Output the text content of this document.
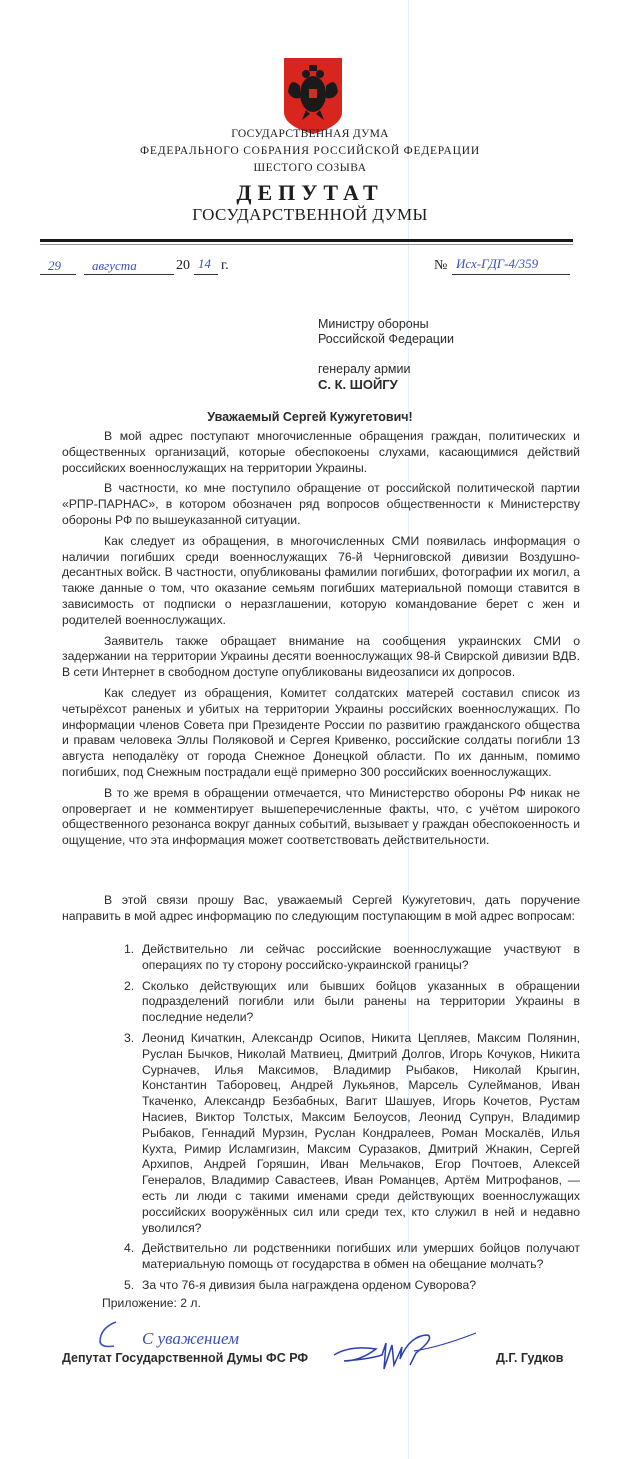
ГОСУДАРСТВЕННАЯ ДУМА
ФЕДЕРАЛЬНОГО СОБРАНИЯ РОССИЙСКОЙ ФЕДЕРАЦИИ
ШЕСТОГО СОЗЫВА
ДЕПУТАТ
ГОСУДАРСТВЕННОЙ ДУМЫ
29 августа	20 14 г.	№ Исх-ГДГ-4/359
Министру обороны
Российской Федерации
генералу армии
С. К. ШОЙГУ
Уважаемый Сергей Кужугетович!

В мой адрес поступают многочисленные обращения граждан, политических и общественных организаций, которые обеспокоены слухами, касающимися действий российских военнослужащих на территории Украины.

В частности, ко мне поступило обращение от российской политической партии «РПР-ПАРНАС», в котором обозначен ряд вопросов общественности к Министерству обороны РФ по вышеуказанной ситуации.

Как следует из обращения, в многочисленных СМИ появилась информация о наличии погибших среди военнослужащих 76-й Черниговской дивизии Воздушно-десантных войск. В частности, опубликованы фамилии погибших, фотографии их могил, а также данные о том, что оказание семьям погибших материальной помощи ставится в зависимость от подписки о неразглашении, которую командование берет с жен и родителей военнослужащих.

Заявитель также обращает внимание на сообщения украинских СМИ о задержании на территории Украины десяти военнослужащих 98-й Свирской дивизии ВДВ. В сети Интернет в свободном доступе опубликованы видеозаписи их допросов.

Как следует из обращения, Комитет солдатских матерей составил список из четырёхсот раненых и убитых на территории Украины российских военнослужащих. По информации членов Совета при Президенте России по развитию гражданского общества и правам человека Эллы Поляковой и Сергея Кривенко, российские солдаты погибли 13 августа неподалёку от города Снежное Донецкой области. По их данным, помимо погибших, под Снежным пострадали ещё примерно 300 российских военнослужащих.

В то же время в обращении отмечается, что Министерство обороны РФ никак не опровергает и не комментирует вышеперечисленные факты, что, с учётом широкого общественного резонанса вокруг данных событий, вызывает у граждан обеспокоенность и ощущение, что эта информация может соответствовать действительности.

В этой связи прошу Вас, уважаемый Сергей Кужугетович, дать поручение направить в мой адрес информацию по следующим поступающим в мой адрес вопросам:

1. Действительно ли сейчас российские военнослужащие участвуют в операциях по ту сторону российско-украинской границы?
2. Сколько действующих или бывших бойцов указанных в обращении подразделений погибли или были ранены на территории Украины в последние недели?
3. Леонид Кичаткин, Александр Осипов, Никита Цепляев, Максим Полянин, Руслан Бычков, Николай Матвиец, Дмитрий Долгов, Игорь Кочуков, Никита Сурначев, Илья Максимов, Владимир Рыбаков, Николай Крыгин, Константин Таборовец, Андрей Лукьянов, Марсель Сулейманов, Иван Ткаченко, Александр Безбабных, Вагит Шашуев, Игорь Кочетов, Рустам Насиев, Виктор Толстых, Максим Белоусов, Леонид Супрун, Владимир Рыбаков, Геннадий Мурзин, Руслан Кондралеев, Роман Москалёв, Илья Кухта, Римир Исламгизин, Максим Суразаков, Дмитрий Жнакин, Сергей Архипов, Андрей Горяшин, Иван Мельчаков, Егор Почтоев, Алексей Генералов, Владимир Савастеев, Иван Романцев, Артём Митрофанов, — есть ли люди с такими именами среди действующих военнослужащих российских вооружённых сил или среди тех, кто служил в ней и недавно уволился?
4. Действительно ли родственники погибших или умерших бойцов получают материальную помощь от государства в обмен на обещание молчать?
5. За что 76-я дивизия была награждена орденом Суворова?
Приложение: 2 л.
С уважением
Депутат Государственной Думы ФС РФ	Д.Г. Гудков
